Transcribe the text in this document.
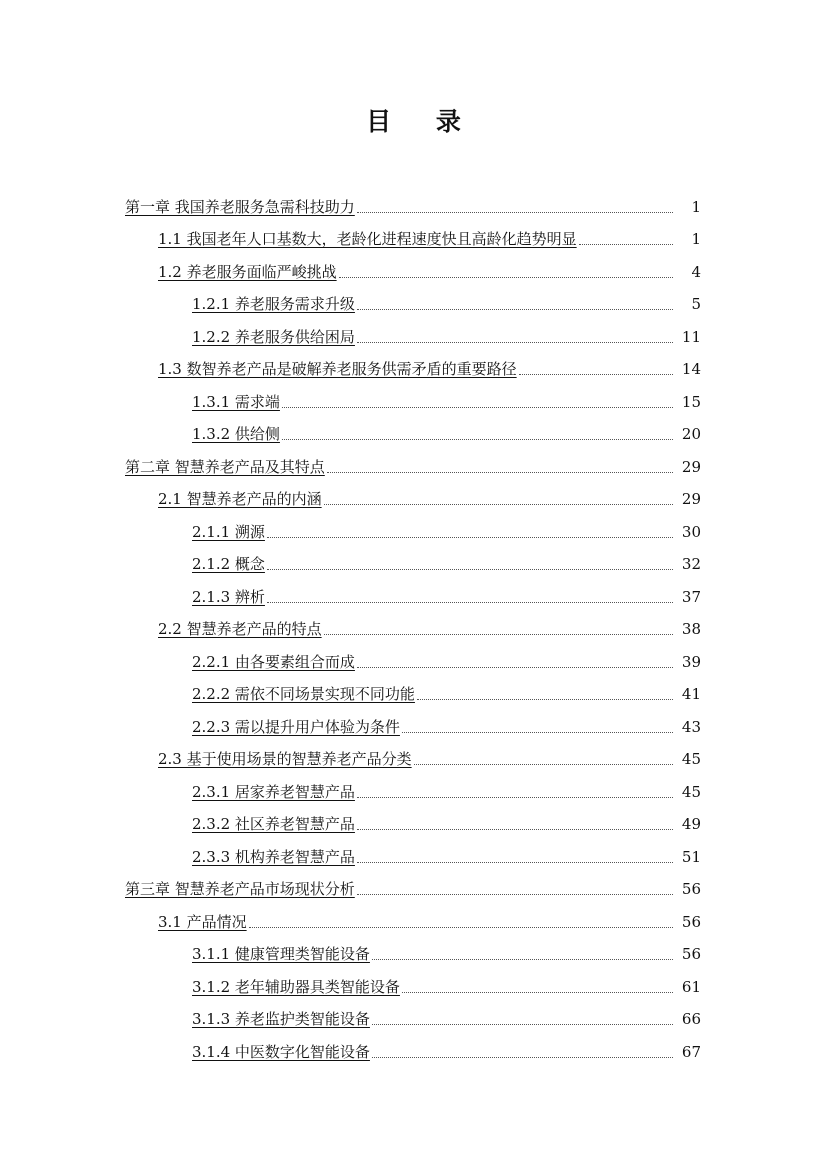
目 录
第一章 我国养老服务急需科技助力	1
1.1 我国老年人口基数大，老龄化进程速度快且高龄化趋势明显	1
1.2 养老服务面临严峻挑战	4
1.2.1 养老服务需求升级	5
1.2.2 养老服务供给困局	11
1.3 数智养老产品是破解养老服务供需矛盾的重要路径	14
1.3.1 需求端	15
1.3.2 供给侧	20
第二章 智慧养老产品及其特点	29
2.1 智慧养老产品的内涵	29
2.1.1 溯源	30
2.1.2 概念	32
2.1.3 辨析	37
2.2 智慧养老产品的特点	38
2.2.1 由各要素组合而成	39
2.2.2 需依不同场景实现不同功能	41
2.2.3 需以提升用户体验为条件	43
2.3 基于使用场景的智慧养老产品分类	45
2.3.1 居家养老智慧产品	45
2.3.2 社区养老智慧产品	49
2.3.3 机构养老智慧产品	51
第三章 智慧养老产品市场现状分析	56
3.1 产品情况	56
3.1.1 健康管理类智能设备	56
3.1.2 老年辅助器具类智能设备	61
3.1.3 养老监护类智能设备	66
3.1.4 中医数字化智能设备	67
